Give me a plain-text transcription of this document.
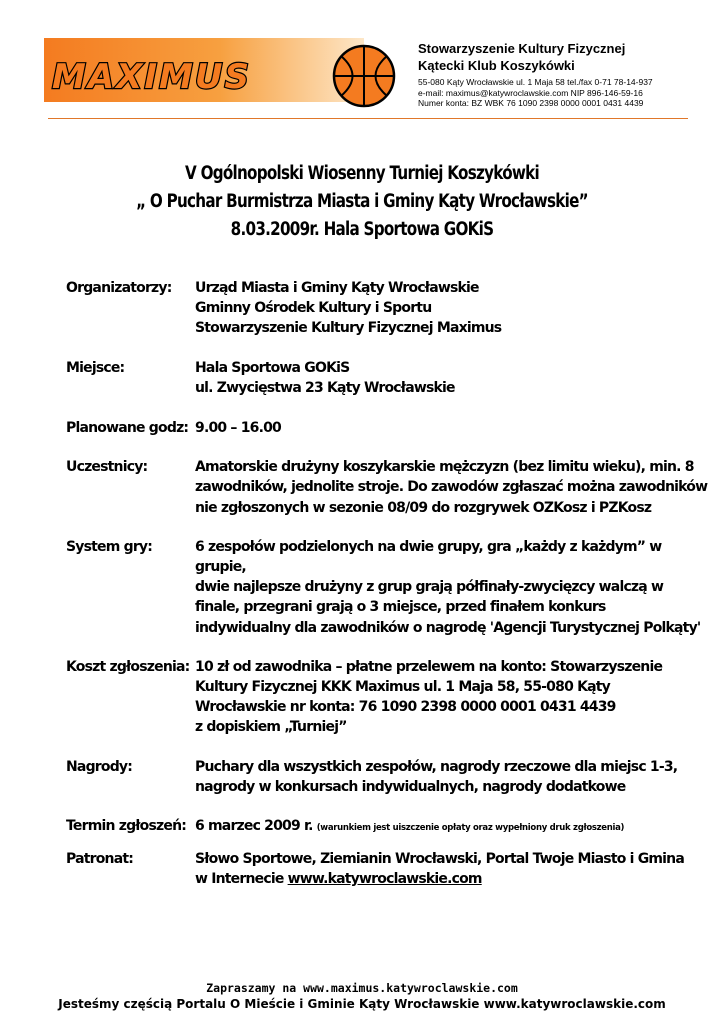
MAXIMUS
Stowarzyszenie Kultury Fizycznej
Kątecki Klub Koszykówki
55-080 Kąty Wrocławskie ul. 1 Maja 58 tel./fax 0-71 78-14-937
e-mail: maximus@katywroclawskie.com NIP 896-146-59-16
Numer konta: BZ WBK 76 1090 2398 0000 0001 0431 4439
V Ogólnopolski Wiosenny Turniej Koszykówki
„ O Puchar Burmistrza Miasta i Gminy Kąty Wrocławskie”
8.03.2009r. Hala Sportowa GOKiS
Organizatorzy:	Urząd Miasta i Gminy Kąty Wrocławskie
Gminny Ośrodek Kultury i Sportu
Stowarzyszenie Kultury Fizycznej Maximus
Miejsce:	Hala Sportowa GOKiS
ul. Zwycięstwa 23 Kąty Wrocławskie
Planowane godz: 9.00 – 16.00
Uczestnicy:	Amatorskie drużyny koszykarskie mężczyzn (bez limitu wieku), min. 8
zawodników, jednolite stroje. Do zawodów zgłaszać można zawodników
nie zgłoszonych w sezonie 08/09 do rozgrywek OZKosz i PZKosz
System gry:	6 zespołów podzielonych na dwie grupy, gra „każdy z każdym” w grupie,
dwie najlepsze drużyny z grup grają półfinały-zwycięzcy walczą w
finale, przegrani grają o 3 miejsce, przed finałem konkurs
indywidualny dla zawodników o nagrodę 'Agencji Turystycznej Polkąty'
Koszt zgłoszenia: 10 zł od zawodnika – płatne przelewem na konto: Stowarzyszenie
Kultury Fizycznej KKK Maximus ul. 1 Maja 58, 55-080 Kąty
Wrocławskie nr konta: 76 1090 2398 0000 0001 0431 4439
z dopiskiem „Turniej”
Nagrody:	Puchary dla wszystkich zespołów, nagrody rzeczowe dla miejsc 1-3,
nagrody w konkursach indywidualnych, nagrody dodatkowe
Termin zgłoszeń: 6 marzec 2009 r. (warunkiem jest uiszczenie opłaty oraz wypełniony druk zgłoszenia)
Patronat:	Słowo Sportowe, Ziemianin Wrocławski, Portal Twoje Miasto i Gmina
w Internecie www.katywroclawskie.com
Zapraszamy na www.maximus.katywroclawskie.com
Jesteśmy częścią Portalu O Mieście i Gminie Kąty Wrocławskie www.katywroclawskie.com
